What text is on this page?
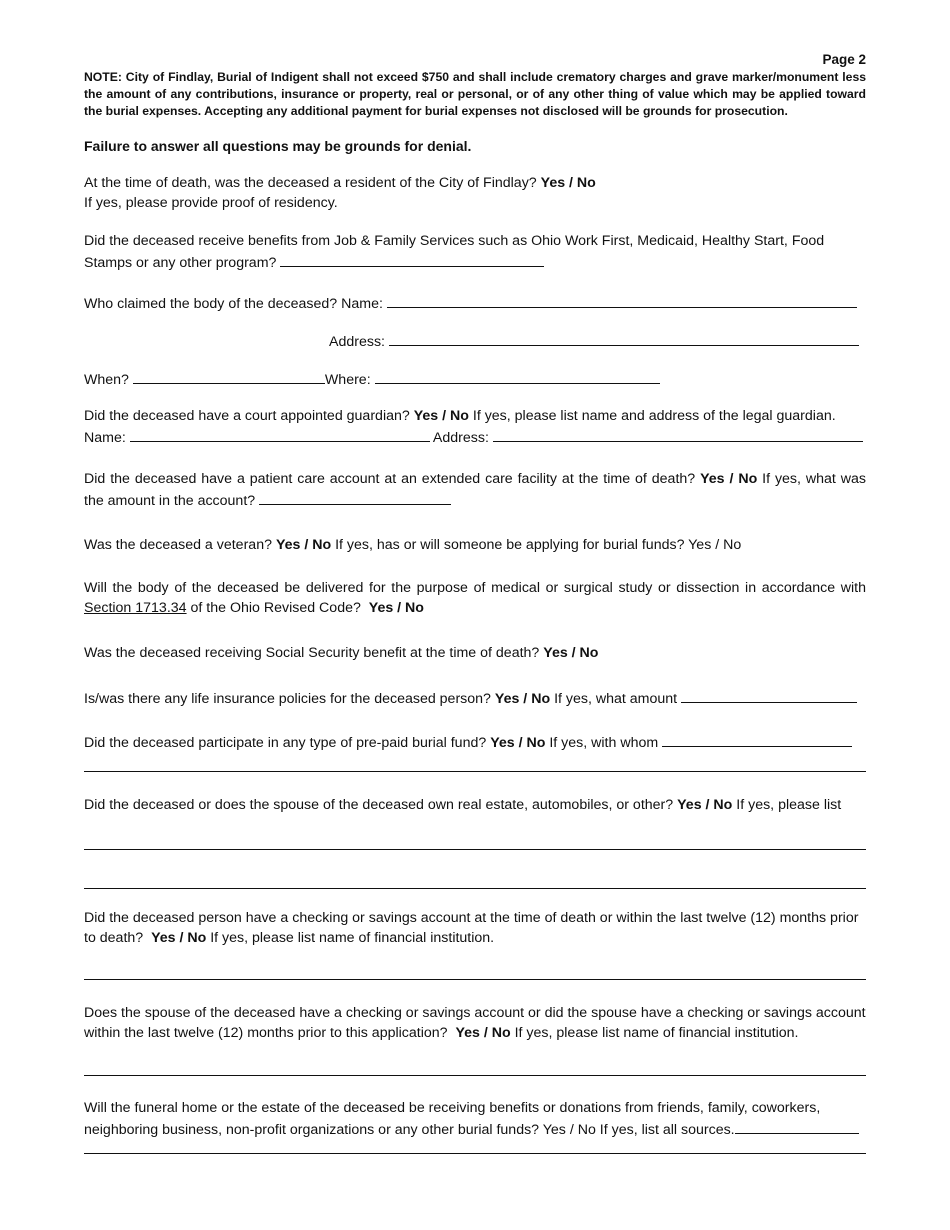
Page 2
NOTE: City of Findlay, Burial of Indigent shall not exceed $750 and shall include crematory charges and grave marker/monument less the amount of any contributions, insurance or property, real or personal, or of any other thing of value which may be applied toward the burial expenses. Accepting any additional payment for burial expenses not disclosed will be grounds for prosecution.
Failure to answer all questions may be grounds for denial.
At the time of death, was the deceased a resident of the City of Findlay? Yes / No
If yes, please provide proof of residency.
Did the deceased receive benefits from Job & Family Services such as Ohio Work First, Medicaid, Healthy Start, Food Stamps or any other program?
Who claimed the body of the deceased? Name:
Address:
When?	Where:
Did the deceased have a court appointed guardian? Yes / No If yes, please list name and address of the legal guardian.
Name:	Address:
Did the deceased have a patient care account at an extended care facility at the time of death? Yes / No If yes, what was the amount in the account?
Was the deceased a veteran? Yes / No If yes, has or will someone be applying for burial funds? Yes / No
Will the body of the deceased be delivered for the purpose of medical or surgical study or dissection in accordance with Section 1713.34 of the Ohio Revised Code? Yes / No
Was the deceased receiving Social Security benefit at the time of death? Yes / No
Is/was there any life insurance policies for the deceased person? Yes / No If yes, what amount
Did the deceased participate in any type of pre-paid burial fund? Yes / No If yes, with whom
Did the deceased or does the spouse of the deceased own real estate, automobiles, or other? Yes / No If yes, please list
Did the deceased person have a checking or savings account at the time of death or within the last twelve (12) months prior to death? Yes / No If yes, please list name of financial institution.
Does the spouse of the deceased have a checking or savings account or did the spouse have a checking or savings account within the last twelve (12) months prior to this application? Yes / No If yes, please list name of financial institution.
Will the funeral home or the estate of the deceased be receiving benefits or donations from friends, family, coworkers, neighboring business, non-profit organizations or any other burial funds? Yes / No If yes, list all sources.
